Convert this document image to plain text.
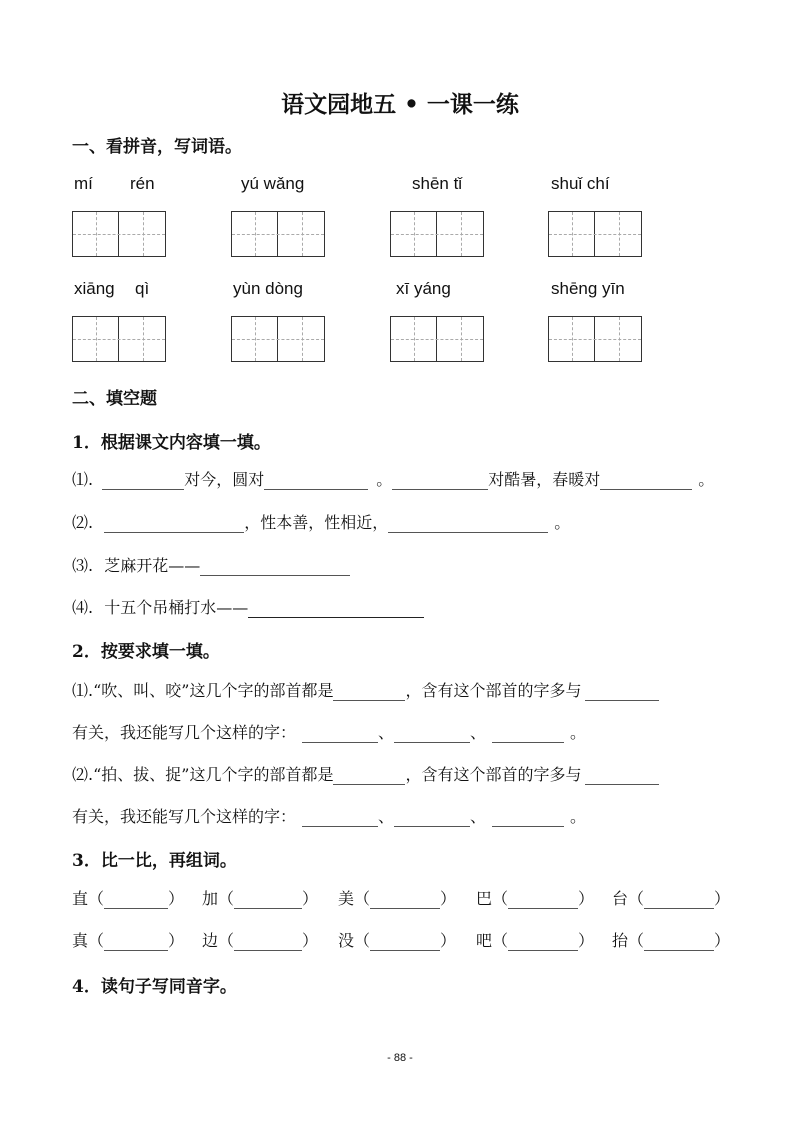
语文园地五 • 一课一练
一、看拼音，写词语。
mí rén	yú wǎng	shēn tǐ	shuǐ chí
xiāng qì	yùn dòng	xī yáng	shēng yīn
二、填空题
1．根据课文内容填一填。
⑴.	对今，圆对	。	对酷暑，春暖对	。
⑵.	，性本善，性相近，	。
⑶. 芝麻开花——
⑷. 十五个吊桶打水——
2．按要求填一填。
⑴.“吹、叫、咬”这几个字的部首都是	，含有这个部首的字多与
有关，我还能写几个这样的字：	、	、	。
⑵.“拍、拔、捉”这几个字的部首都是	，含有这个部首的字多与
有关，我还能写几个这样的字：	、	、	。
3．比一比，再组词。
直（	） 加（	） 美（	） 巴（	） 台（	）
真（	） 边（	） 没（	） 吧（	） 抬（	）
4．读句子写同音字。
- 88 -
